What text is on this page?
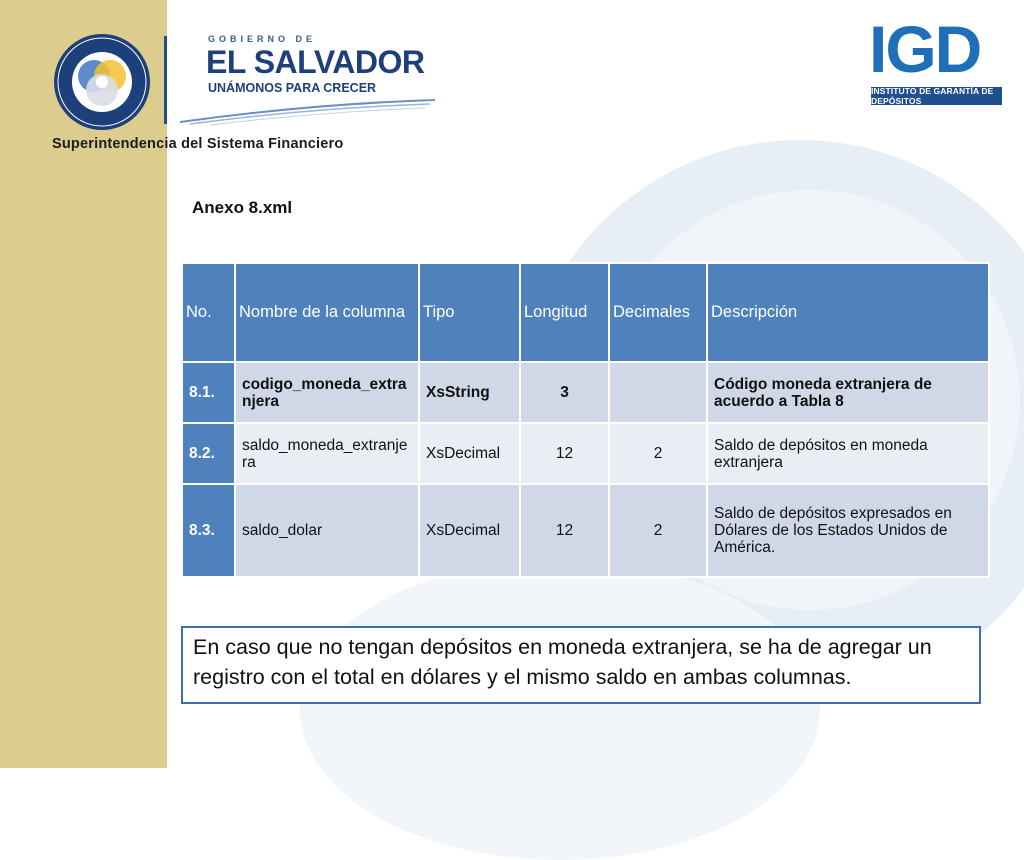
Superintendencia del Sistema Financiero
GOBIERNO DE
EL SALVADOR
UNÁMONOS PARA CRECER
IGD
INSTITUTO DE GARANTÍA DE DEPÓSITOS
Anexo 8.xml
No.	Nombre de la columna	Tipo	Longitud	Decimales	Descripción
8.1.	codigo_moneda_extranjera	XsString	3		Código moneda extranjera de acuerdo a Tabla 8
8.2.	saldo_moneda_extranjera	XsDecimal	12	2	Saldo de depósitos en moneda extranjera
8.3.	saldo_dolar	XsDecimal	12	2	Saldo de depósitos expresados en Dólares de los Estados Unidos de América.
En caso que no tengan depósitos en moneda extranjera, se ha de agregar un registro con el total en dólares y el mismo saldo en ambas columnas.
